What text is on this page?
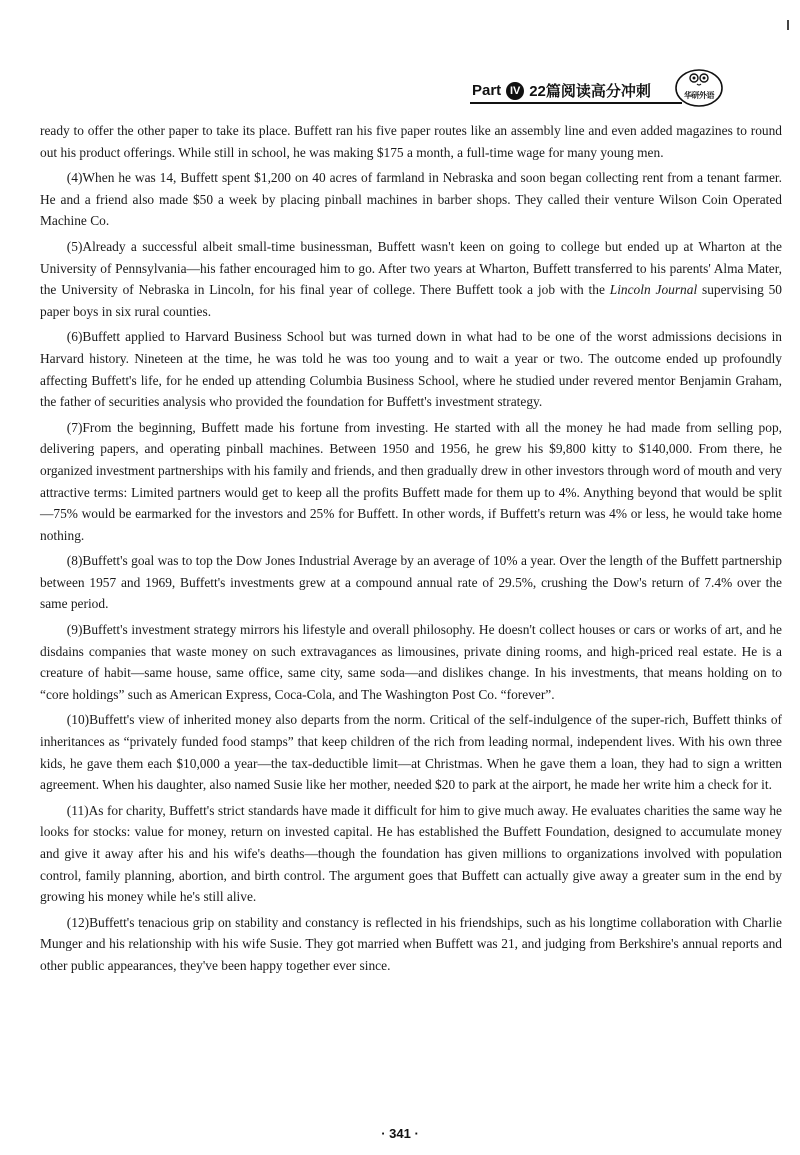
Part IV 22篇阅读高分冲刺	华研外语

ready to offer the other paper to take its place. Buffett ran his five paper routes like an assembly line and even added magazines to round out his product offerings. While still in school, he was making $175 a month, a full-time wage for many young men.

(4)When he was 14, Buffett spent $1,200 on 40 acres of farmland in Nebraska and soon began collecting rent from a tenant farmer. He and a friend also made $50 a week by placing pinball machines in barber shops. They called their venture Wilson Coin Operated Machine Co.

(5)Already a successful albeit small-time businessman, Buffett wasn't keen on going to college but ended up at Wharton at the University of Pennsylvania—his father encouraged him to go. After two years at Wharton, Buffett transferred to his parents' Alma Mater, the University of Nebraska in Lincoln, for his final year of college. There Buffett took a job with the Lincoln Journal supervising 50 paper boys in six rural counties.

(6)Buffett applied to Harvard Business School but was turned down in what had to be one of the worst admissions decisions in Harvard history. Nineteen at the time, he was told he was too young and to wait a year or two. The outcome ended up profoundly affecting Buffett's life, for he ended up attending Columbia Business School, where he studied under revered mentor Benjamin Graham, the father of securities analysis who provided the foundation for Buffett's investment strategy.

(7)From the beginning, Buffett made his fortune from investing. He started with all the money he had made from selling pop, delivering papers, and operating pinball machines. Between 1950 and 1956, he grew his $9,800 kitty to $140,000. From there, he organized investment partnerships with his family and friends, and then gradually drew in other investors through word of mouth and very attractive terms: Limited partners would get to keep all the profits Buffett made for them up to 4%. Anything beyond that would be split—75% would be earmarked for the investors and 25% for Buffett. In other words, if Buffett's return was 4% or less, he would take home nothing.

(8)Buffett's goal was to top the Dow Jones Industrial Average by an average of 10% a year. Over the length of the Buffett partnership between 1957 and 1969, Buffett's investments grew at a compound annual rate of 29.5%, crushing the Dow's return of 7.4% over the same period.

(9)Buffett's investment strategy mirrors his lifestyle and overall philosophy. He doesn't collect houses or cars or works of art, and he disdains companies that waste money on such extravagances as limousines, private dining rooms, and high-priced real estate. He is a creature of habit—same house, same office, same city, same soda—and dislikes change. In his investments, that means holding on to “core holdings” such as American Express, Coca-Cola, and The Washington Post Co. “forever”.

(10)Buffett's view of inherited money also departs from the norm. Critical of the self-indulgence of the super-rich, Buffett thinks of inheritances as “privately funded food stamps” that keep children of the rich from leading normal, independent lives. With his own three kids, he gave them each $10,000 a year—the tax-deductible limit—at Christmas. When he gave them a loan, they had to sign a written agreement. When his daughter, also named Susie like her mother, needed $20 to park at the airport, he made her write him a check for it.

(11)As for charity, Buffett's strict standards have made it difficult for him to give much away. He evaluates charities the same way he looks for stocks: value for money, return on invested capital. He has established the Buffett Foundation, designed to accumulate money and give it away after his and his wife's deaths—though the foundation has given millions to organizations involved with population control, family planning, abortion, and birth control. The argument goes that Buffett can actually give away a greater sum in the end by growing his money while he's still alive.

(12)Buffett's tenacious grip on stability and constancy is reflected in his friendships, such as his longtime collaboration with Charlie Munger and his relationship with his wife Susie. They got married when Buffett was 21, and judging from Berkshire's annual reports and other public appearances, they've been happy together ever since.

· 341 ·
